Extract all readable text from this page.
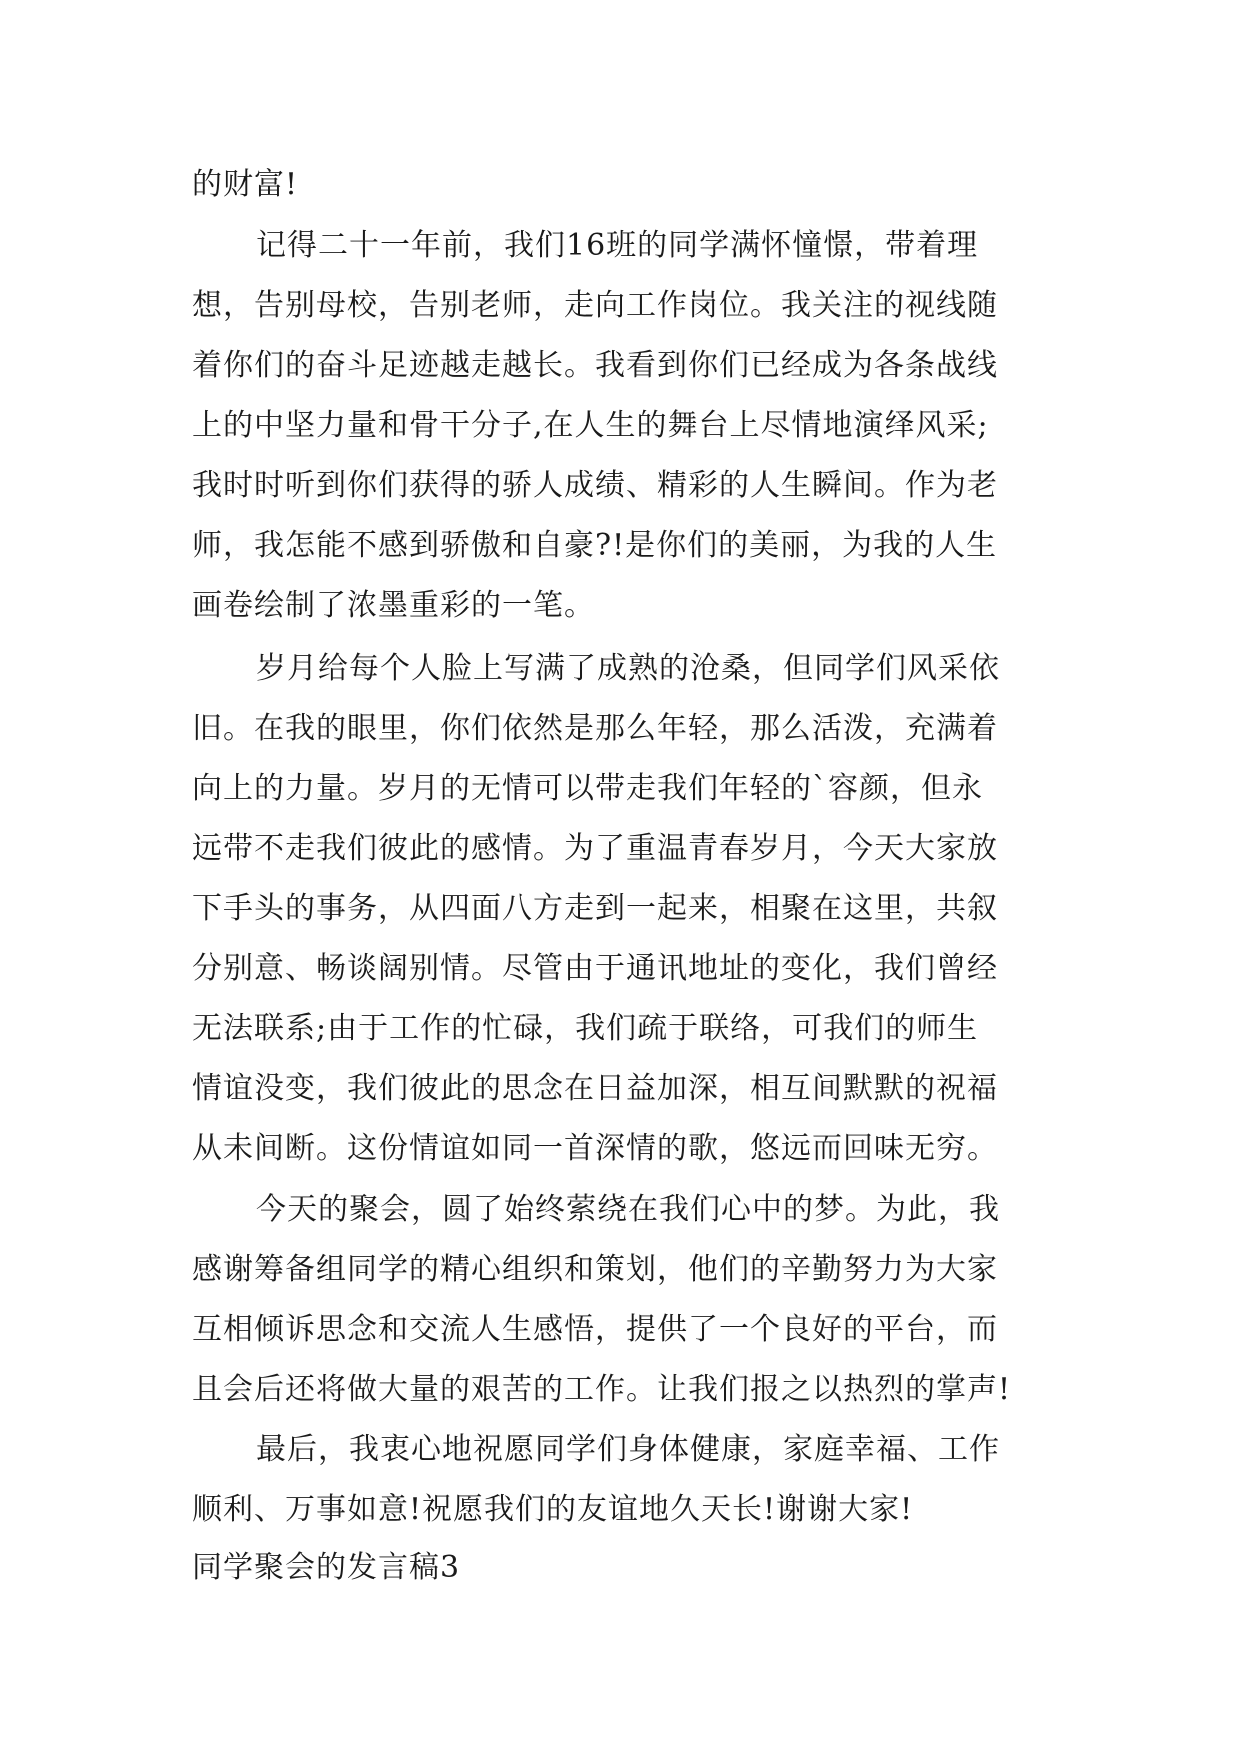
的财富!
记得二十一年前，我们16班的同学满怀憧憬，带着理
想，告别母校，告别老师，走向工作岗位。我关注的视线随
着你们的奋斗足迹越走越长。我看到你们已经成为各条战线
上的中坚力量和骨干分子,在人生的舞台上尽情地演绎风采;
我时时听到你们获得的骄人成绩、精彩的人生瞬间。作为老
师，我怎能不感到骄傲和自豪?!是你们的美丽，为我的人生
画卷绘制了浓墨重彩的一笔。
岁月给每个人脸上写满了成熟的沧桑，但同学们风采依
旧。在我的眼里，你们依然是那么年轻，那么活泼，充满着
向上的力量。岁月的无情可以带走我们年轻的`容颜，但永
远带不走我们彼此的感情。为了重温青春岁月，今天大家放
下手头的事务，从四面八方走到一起来，相聚在这里，共叙
分别意、畅谈阔别情。尽管由于通讯地址的变化，我们曾经
无法联系;由于工作的忙碌，我们疏于联络，可我们的师生
情谊没变，我们彼此的思念在日益加深，相互间默默的祝福
从未间断。这份情谊如同一首深情的歌，悠远而回味无穷。
今天的聚会，圆了始终萦绕在我们心中的梦。为此，我
感谢筹备组同学的精心组织和策划，他们的辛勤努力为大家
互相倾诉思念和交流人生感悟，提供了一个良好的平台，而
且会后还将做大量的艰苦的工作。让我们报之以热烈的掌声!
最后，我衷心地祝愿同学们身体健康，家庭幸福、工作
顺利、万事如意!祝愿我们的友谊地久天长!谢谢大家!
同学聚会的发言稿3
